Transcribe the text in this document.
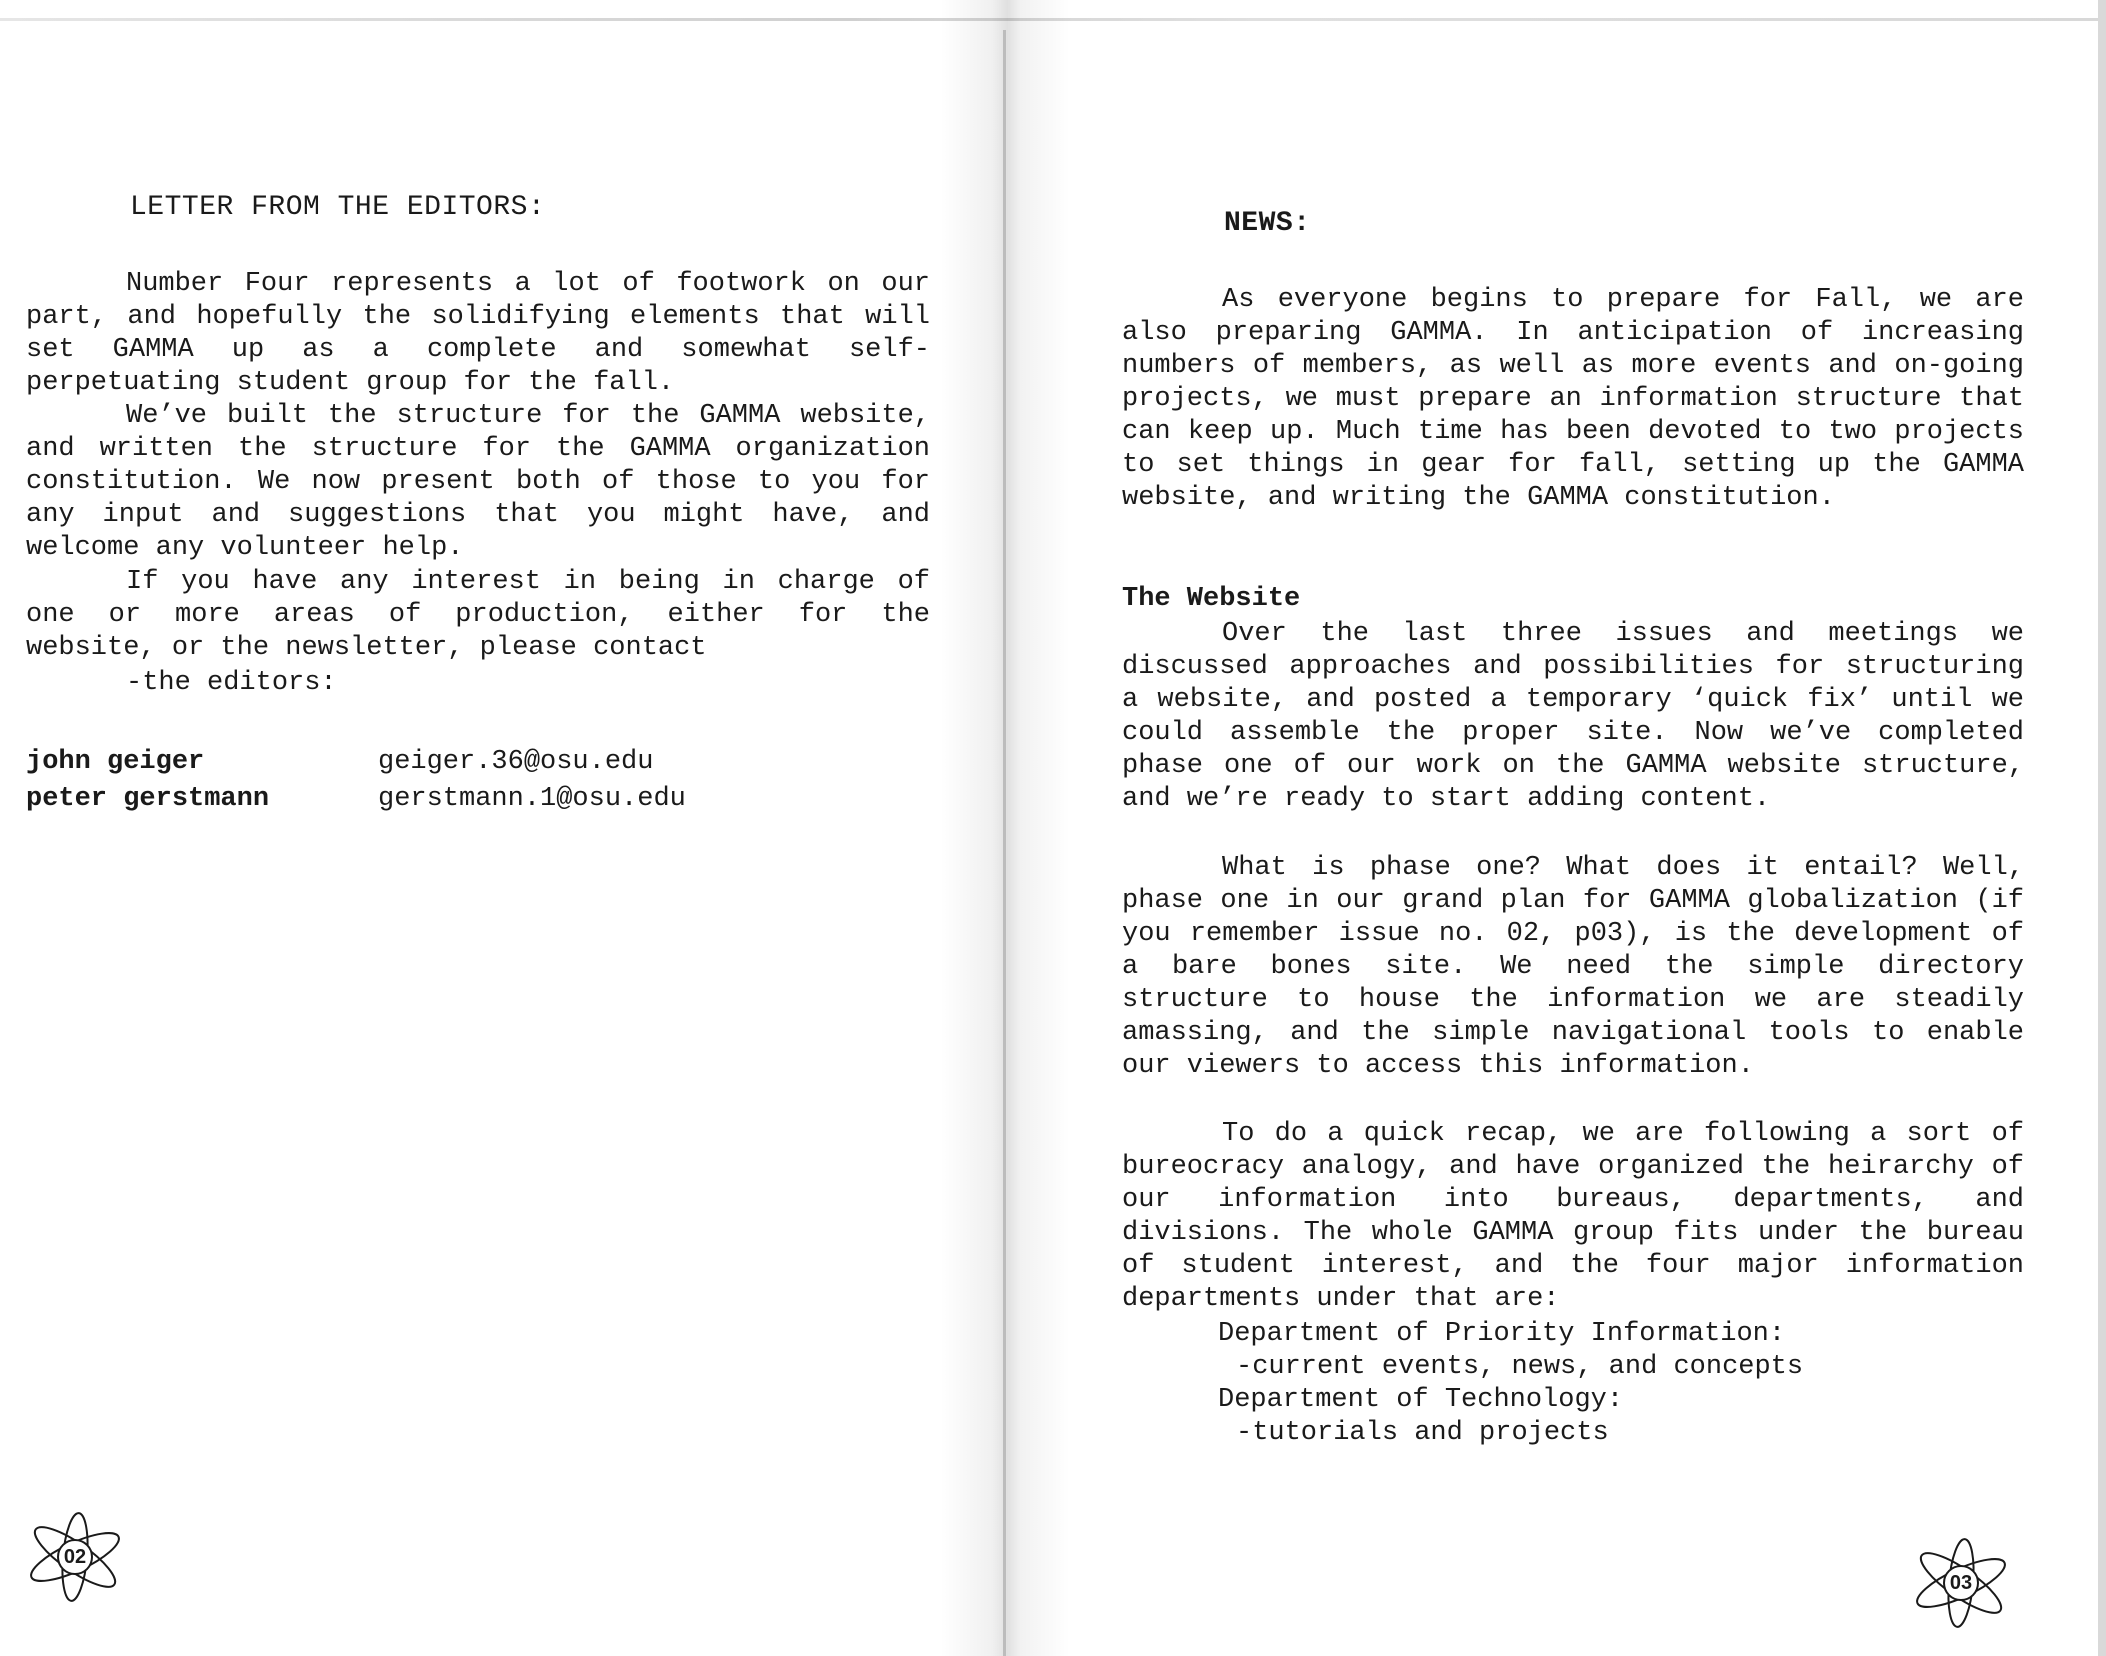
LETTER FROM THE EDITORS:

Number Four represents a lot of footwork on our part, and hopefully the solidifying elements that will set GAMMA up as a complete and somewhat self-perpetuating student group for the fall.

We’ve built the structure for the GAMMA website, and written the structure for the GAMMA organization constitution. We now present both of those to you for any input and suggestions that you might have, and welcome any volunteer help.

If you have any interest in being in charge of one or more areas of production, either for the website, or the newsletter, please contact

-the editors:
john geiger	geiger.36@osu.edu
peter gerstmann	gerstmann.1@osu.edu
02
NEWS:

As everyone begins to prepare for Fall, we are also preparing GAMMA. In anticipation of increasing numbers of members, as well as more events and on-going projects, we must prepare an information structure that can keep up. Much time has been devoted to two projects to set things in gear for fall, setting up the GAMMA website, and writing the GAMMA constitution.

The Website

Over the last three issues and meetings we discussed approaches and possibilities for structuring a website, and posted a temporary ‘quick fix’ until we could assemble the proper site. Now we’ve completed phase one of our work on the GAMMA website structure, and we’re ready to start adding content.

What is phase one? What does it entail? Well, phase one in our grand plan for GAMMA globalization (if you remember issue no. 02, p03), is the development of a bare bones site. We need the simple directory structure to house the information we are steadily amassing, and the simple navigational tools to enable our viewers to access this information.

To do a quick recap, we are following a sort of bureocracy analogy, and have organized the heirarchy of our information into bureaus, departments, and divisions. The whole GAMMA group fits under the bureau of student interest, and the four major information departments under that are:

Department of Priority Information:

-current events, news, and concepts

Department of Technology:

-tutorials and projects

03
